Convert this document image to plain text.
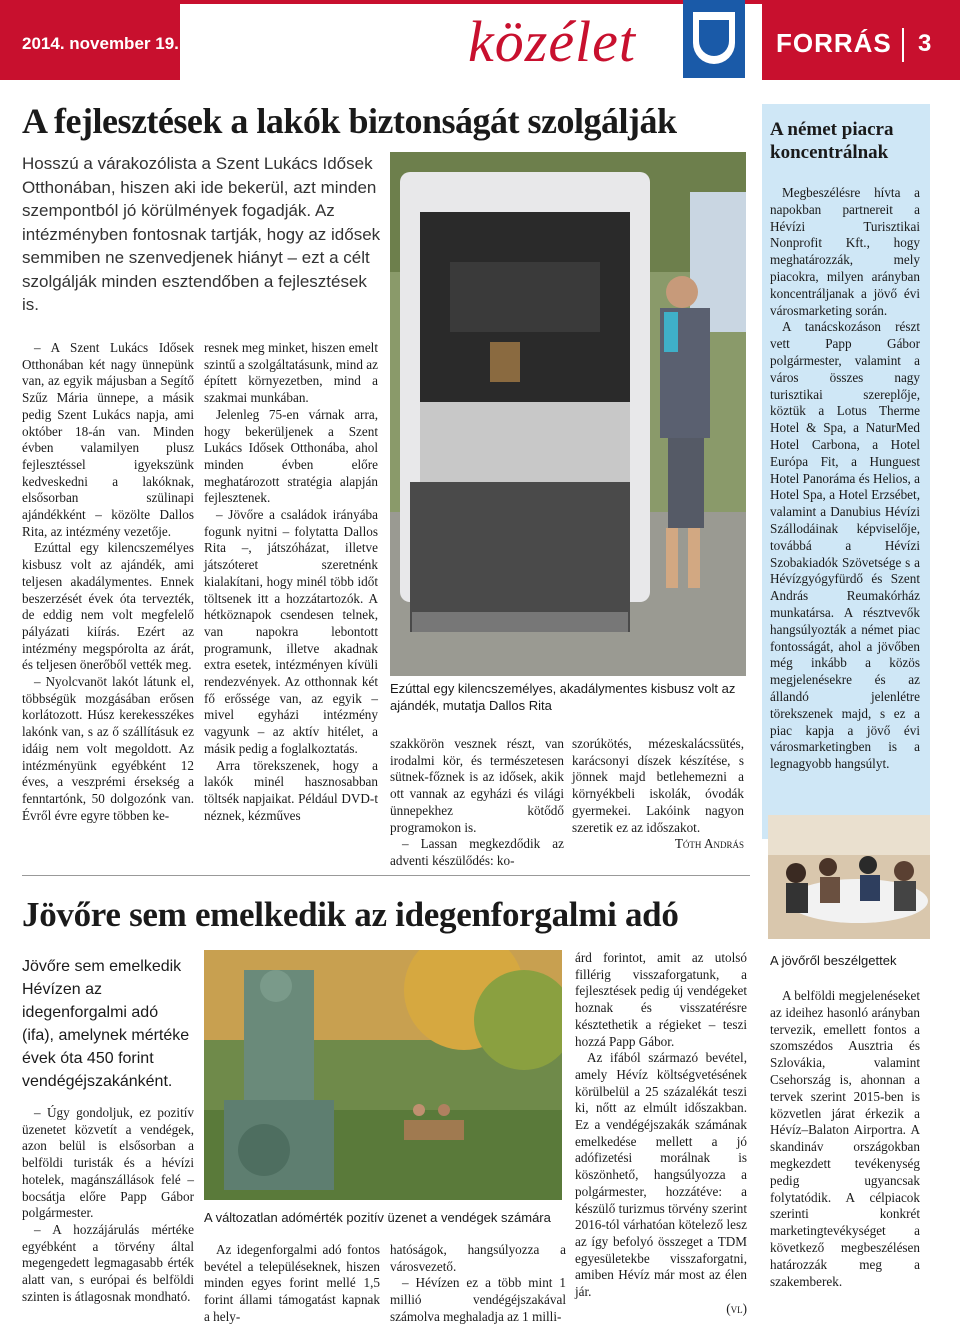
2014. november 19.	közélet	FORRÁS 3
A fejlesztések a lakók biztonságát szolgálják

Hosszú a várakozólista a Szent Lukács Idősek Otthonában, hiszen aki ide bekerül, azt minden szempontból jó körülmények fogadják. Az intézményben fontosnak tartják, hogy az idősek semmiben ne szenvedjenek hiányt – ezt a célt szolgálják minden esztendőben a fejlesztések is.

– A Szent Lukács Idősek Otthonában két nagy ünnepünk van, az egyik májusban a Segítő Szűz Mária ünnepe, a másik pedig Szent Lukács napja, ami október 18-án van. Minden évben valamilyen plusz fejlesztéssel igyekszünk kedveskedni a lakóknak, elsősorban szülinapi ajándékként – közölte Dallos Rita, az intézmény vezetője.
Ezúttal egy kilencszemélyes kisbusz volt az ajándék, ami teljesen akadálymentes. Ennek beszerzését évek óta tervezték, de eddig nem volt megfelelő pályázati kiírás. Ezért az intézmény megspórolta az árát, és teljesen önerőből vették meg.
– Nyolcvanöt lakót látunk el, többségük mozgásában erősen korlátozott. Húsz kerekesszékes lakónk van, s az ő szállításuk ez idáig nem volt megoldott. Az intézményünk egyébként 12 éves, a veszprémi érsekség a fenntartónk, 50 dolgozónk van. Évről évre egyre többen ke-
resnek meg minket, hiszen emelt szintű a szolgáltatásunk, mind az épített környezetben, mind a szakmai munkában.
Jelenleg 75-en várnak arra, hogy bekerüljenek a Szent Lukács Idősek Otthonába, ahol minden évben előre meghatározott stratégia alapján fejlesztenek.
– Jövőre a családok irányába fogunk nyitni – folytatta Dallos Rita –, játszóházat, illetve játszóteret szeretnénk kialakítani, hogy minél több időt töltsenek itt a hozzátartozók. A hétköznapok csendesen telnek, van napokra lebontott programunk, illetve akadnak extra esetek, intézményen kívüli rendezvények. Az otthonnak két fő erőssége van, az egyik – mivel egyházi intézmény vagyunk – az aktív hitélet, a másik pedig a foglalkoztatás.
Arra törekszenek, hogy a lakók minél hasznosabban töltsék napjaikat. Például DVD-t néznek, kézműves

Ezúttal egy kilencszemélyes, akadálymentes kisbusz volt az ajándék, mutatja Dallos Rita

szakkörön vesznek részt, van irodalmi kör, és természetesen sütnek-főznek is az idősek, akik ott vannak az egyházi és világi ünnepekhez kötődő programokon is.
– Lassan megkezdődik az adventi készülődés: ko-
szorúkötés, mézeskalácssütés, karácsonyi díszek készítése, s jönnek majd betlehemezni a környékbeli iskolák, óvodák gyermekei. Lakóink nagyon szeretik ez az időszakot.
Tóth András
A német piacra koncentrálnak
Megbeszélésre hívta a napokban partnereit a Hévízi Turisztikai Nonprofit Kft., hogy meghatározzák, mely piacokra, milyen arányban koncentráljanak a jövő évi városmarketing során.
A tanácskozáson részt vett Papp Gábor polgármester, valamint a város összes nagy turisztikai szereplője, köztük a Lotus Therme Hotel & Spa, a NaturMed Hotel Carbona, a Hotel Európa Fit, a Hunguest Hotel Panoráma és Helios, a Hotel Spa, a Hotel Erzsébet, valamint a Danubius Hévízi Szállodáinak képviselője, továbbá a Hévízi Szobakiadók Szövetsége s a Hévízgyógyfürdő és Szent András Reumakórház munkatársa. A résztvevők hangsúlyozták a német piac fontosságát, ahol a jövőben még inkább a közös megjelenésekre és az állandó jelenlétre törekszenek majd, s ez a piac kapja a jövő évi városmarketingben is a legnagyobb hangsúlyt.

A jövőről beszélgettek

A belföldi megjelenéseket az ideihez hasonló arányban tervezik, emellett fontos a szomszédos Ausztria és Szlovákia, valamint Csehország is, ahonnan a tervek szerint 2015-ben is közvetlen járat érkezik a Hévíz–Balaton Airportra. A skandináv országokban megkezdett tevékenység pedig ugyancsak folytatódik. A célpiacok szerinti konkrét marketingtevékységet a következő megbeszélésen határozzák meg a szakemberek.
Jövőre sem emelkedik az idegenforgalmi adó

Jövőre sem emelkedik Hévízen az idegenforgalmi adó (ifa), amelynek mértéke évek óta 450 forint vendégéjszakánként.

– Úgy gondoljuk, ez pozitív üzenetet közvetít a vendégek, azon belül is elsősorban a belföldi turisták és a hévízi hotelek, magánszállások felé – bocsátja előre Papp Gábor polgármester.
– A hozzájárulás mértéke egyébként a törvény által megengedett legmagasabb érték alatt van, s európai és belföldi szinten is átlagosnak mondható.

A változatlan adómérték pozitív üzenet a vendégek számára

Az idegenforgalmi adó fontos bevétel a településeknek, hiszen minden egyes forint mellé 1,5 forint állami támogatást kapnak a hely-
hatóságok, hangsúlyozza a városvezető.
– Hévízen ez a több mint 1 millió vendégéjszakával számolva meghaladja az 1 milli-
árd forintot, amit az utolsó fillérig visszaforgatunk, a fejlesztések pedig új vendégeket hoznak és visszatérésre késztethetik a régieket – teszi hozzá Papp Gábor.
Az ifából származó bevétel, amely Hévíz költségvetésének körülbelül a 25 százalékát teszi ki, nőtt az elmúlt időszakban. Ez a vendégéjszakák számának emelkedése mellett a jó adófizetési morálnak is köszönhető, hangsúlyozza a polgármester, hozzátéve: a készülő turizmus törvény szerint 2016-tól várhatóan kötelező lesz az így befolyó összeget a TDM egyesületekbe visszaforgatni, amiben Hévíz már most az élen jár.
(vl)
